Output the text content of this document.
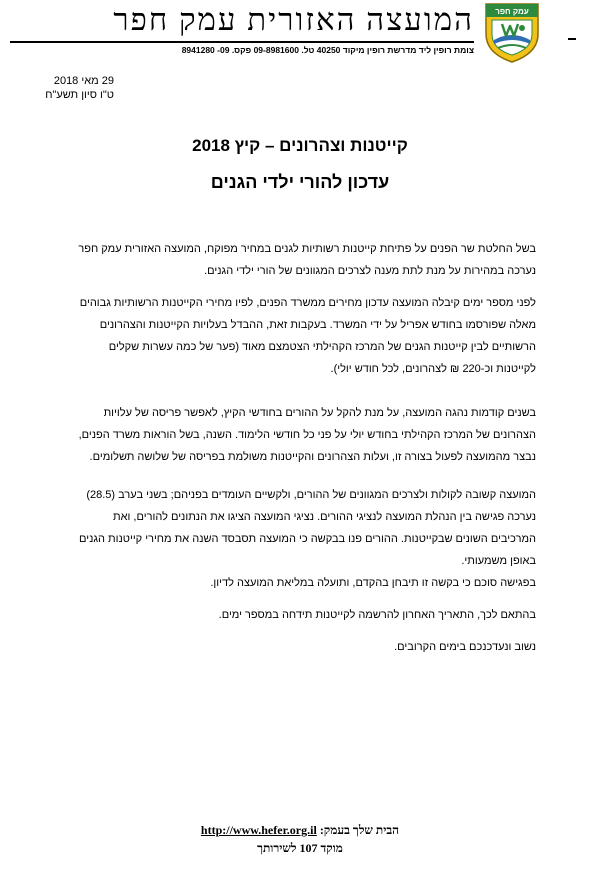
עמק חפר
המועצה האזורית עמק חפר
צומת רופין ליד מדרשת רופין מיקוד 40250 טל. 09-8981600 פקס. 09- 8941280
29 מאי 2018
ט"ו סיון תשע"ח
קייטנות וצהרונים – קיץ 2018
עדכון להורי ילדי הגנים

בשל החלטת שר הפנים על פתיחת קייטנות רשותיות לגנים במחיר מפוקח, המועצה האזורית עמק חפר נערכה במהירות על מנת לתת מענה לצרכים המגוונים של הורי ילדי הגנים.

לפני מספר ימים קיבלה המועצה עדכון מחירים ממשרד הפנים, לפיו מחירי הקייטנות הרשותיות גבוהים מאלה שפורסמו בחודש אפריל על ידי המשרד. בעקבות זאת, ההבדל בעלויות הקייטנות והצהרונים הרשותיים לבין קייטנות הגנים של המרכז הקהילתי הצטמצם מאוד (פער של כמה עשרות שקלים לקייטנות וכ-220 ₪ לצהרונים, לכל חודש יולי).

בשנים קודמות נהגה המועצה, על מנת להקל על ההורים בחודשי הקיץ, לאפשר פריסה של עלויות הצהרונים של המרכז הקהילתי בחודש יולי על פני כל חודשי הלימוד. השנה, בשל הוראות משרד הפנים, נבצר מהמועצה לפעול בצורה זו, ועלות הצהרונים והקייטנות משולמת בפריסה של שלושה תשלומים.

המועצה קשובה לקולות ולצרכים המגוונים של ההורים, ולקשיים העומדים בפניהם; בשני בערב (28.5) נערכה פגישה בין הנהלת המועצה לנציגי ההורים. נציגי המועצה הציגו את הנתונים להורים, ואת המרכיבים השונים שבקייטנות. ההורים פנו בבקשה כי המועצה תסבסד השנה את מחירי קייטנות הגנים באופן משמעותי.

בפגישה סוכם כי בקשה זו תיבחן בהקדם, ותועלה במליאת המועצה לדיון.

בהתאם לכך, התאריך האחרון להרשמה לקייטנות תידחה במספר ימים.

נשוב ונעדכנכם בימים הקרובים.

הבית שלך בעמק: http://www.hefer.org.il
מוקד 107 לשירותך
